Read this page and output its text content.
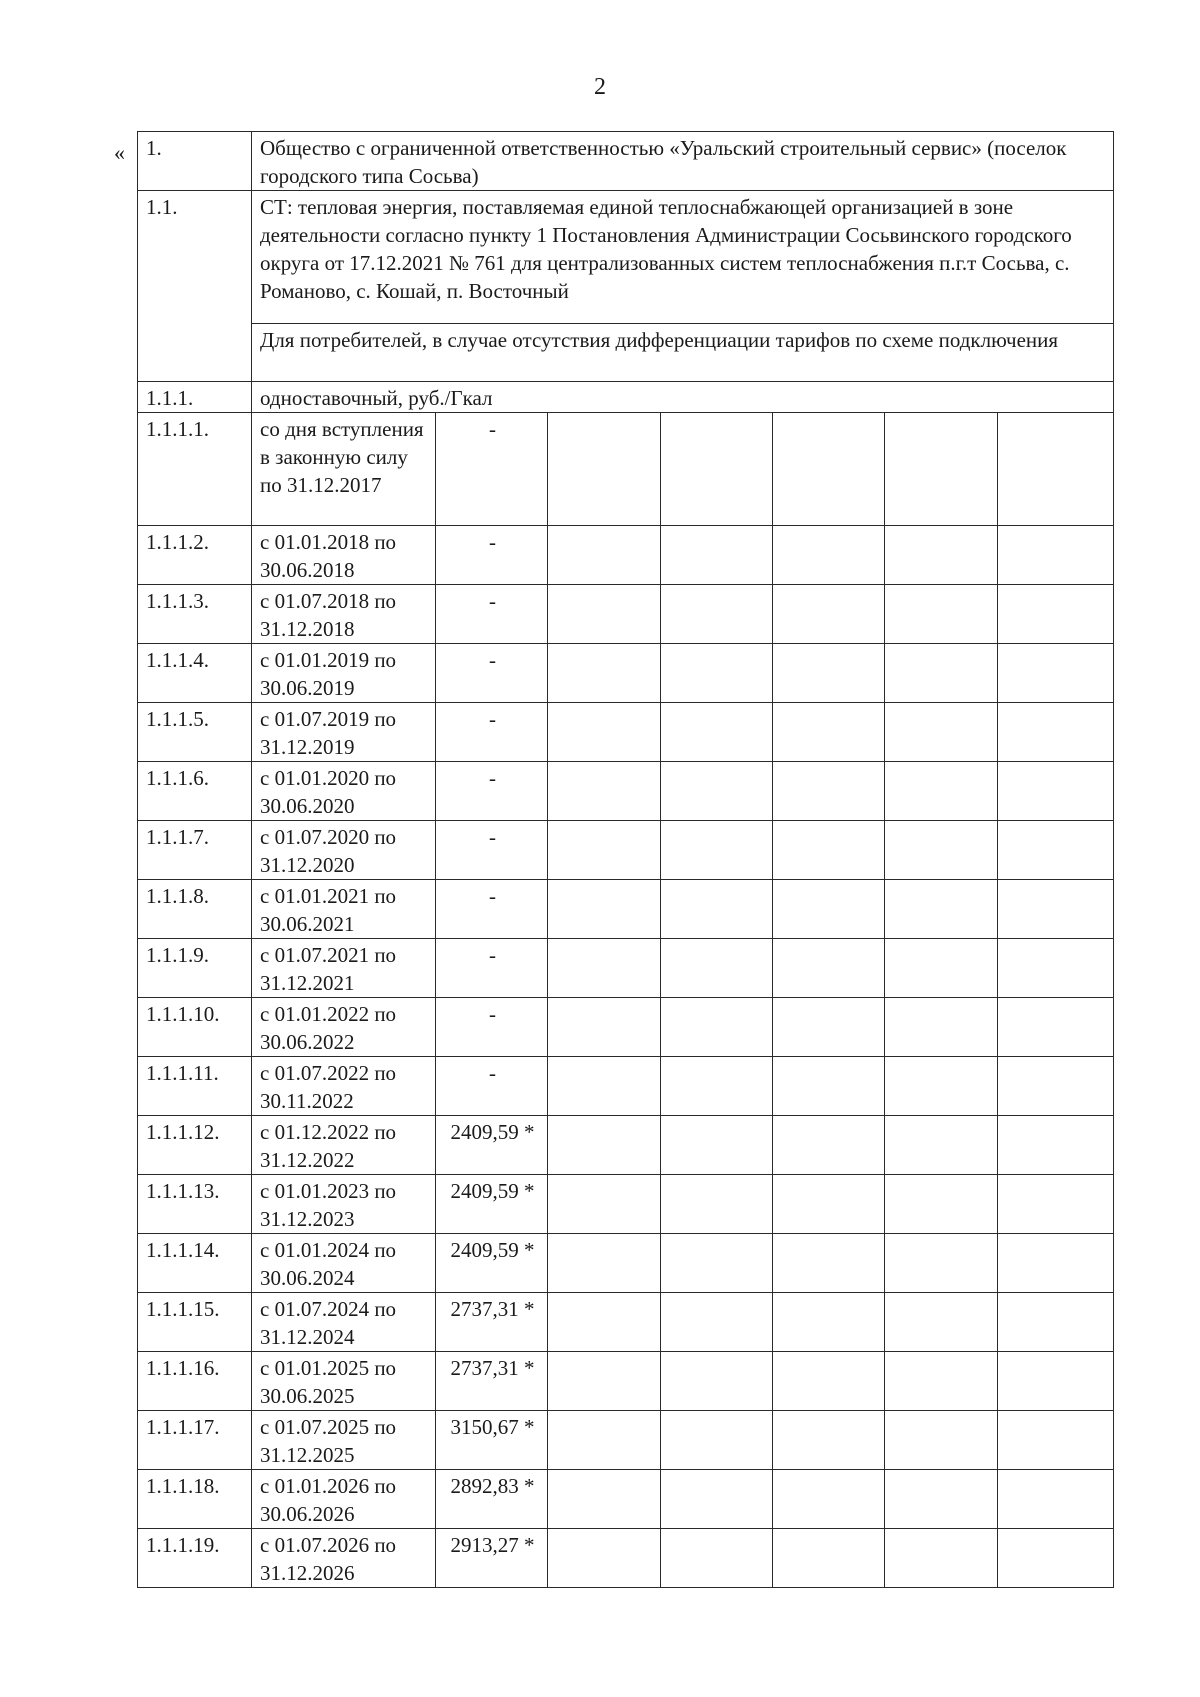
2
« 1.	Общество с ограниченной ответственностью «Уральский строительный сервис» (поселок городского типа Сосьва)						
1.1.	СТ: тепловая энергия, поставляемая единой теплоснабжающей организацией в зоне деятельности согласно пункту 1 Постановления Администрации Сосьвинского городского округа от 17.12.2021 № 761 для централизованных систем теплоснабжения п.г.т Сосьва, с. Романово, с. Кошай, п. Восточный						
	Для потребителей, в случае отсутствия дифференциации тарифов по схеме подключения						
1.1.1.	одноставочный, руб./Гкал						
1.1.1.1.	со дня вступления в законную силу по 31.12.2017	-					
1.1.1.2.	с 01.01.2018 по 30.06.2018	-					
1.1.1.3.	с 01.07.2018 по 31.12.2018	-					
1.1.1.4.	с 01.01.2019 по 30.06.2019	-					
1.1.1.5.	с 01.07.2019 по 31.12.2019	-					
1.1.1.6.	с 01.01.2020 по 30.06.2020	-					
1.1.1.7.	с 01.07.2020 по 31.12.2020	-					
1.1.1.8.	с 01.01.2021 по 30.06.2021	-					
1.1.1.9.	с 01.07.2021 по 31.12.2021	-					
1.1.1.10.	с 01.01.2022 по 30.06.2022	-					
1.1.1.11.	с 01.07.2022 по 30.11.2022	-					
1.1.1.12.	с 01.12.2022 по 31.12.2022	2409,59 *					
1.1.1.13.	с 01.01.2023 по 31.12.2023	2409,59 *					
1.1.1.14.	с 01.01.2024 по 30.06.2024	2409,59 *					
1.1.1.15.	с 01.07.2024 по 31.12.2024	2737,31 *					
1.1.1.16.	с 01.01.2025 по 30.06.2025	2737,31 *					
1.1.1.17.	с 01.07.2025 по 31.12.2025	3150,67 *					
1.1.1.18.	с 01.01.2026 по 30.06.2026	2892,83 *					
1.1.1.19.	с 01.07.2026 по 31.12.2026	2913,27 *					
